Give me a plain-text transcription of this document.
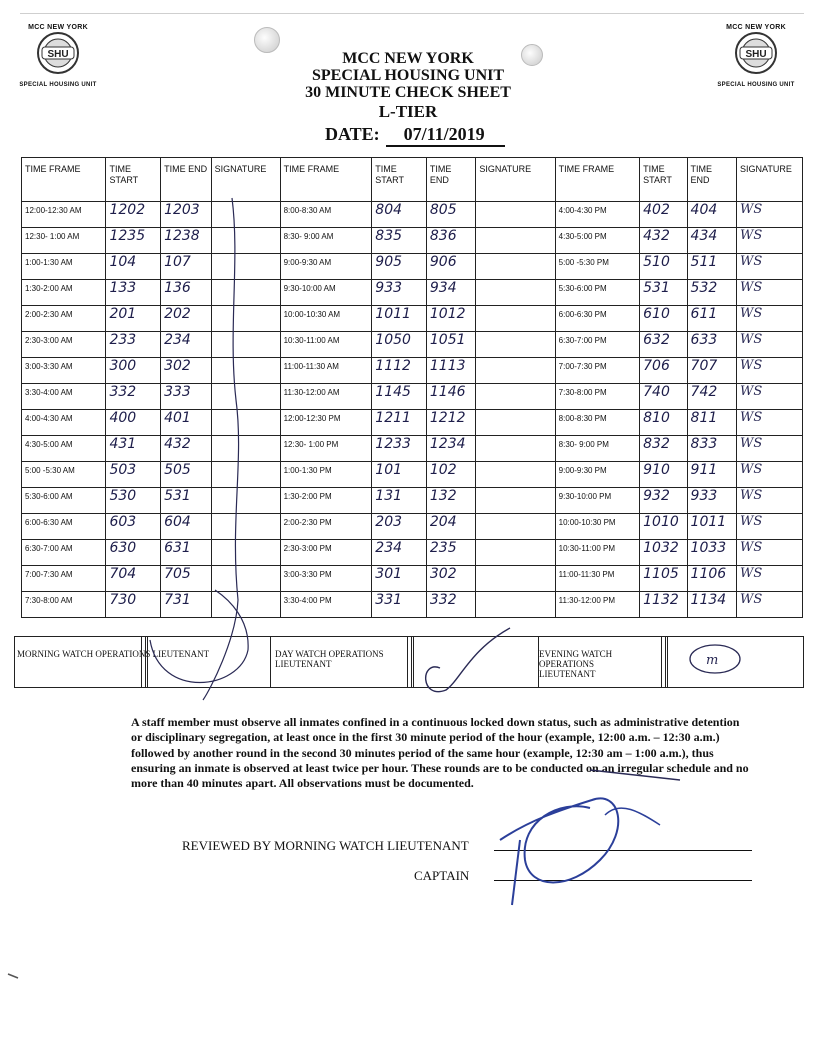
MCC NEW YORK
SHU
SPECIAL HOUSING UNIT
MCC NEW YORK
SHU
SPECIAL HOUSING UNIT
MCC NEW YORK
SPECIAL HOUSING UNIT
30 MINUTE CHECK SHEET
L-TIER
DATE: 07/11/2019
TIME FRAME	TIME START	TIME END	SIGNATURE	TIME FRAME	TIME START	TIME END	SIGNATURE	TIME FRAME	TIME START	TIME END	SIGNATURE
12:00-12:30 AM	1202	1203		8:00-8:30 AM	804	805		4:00-4:30 PM	402	404	WS

12:30- 1:00 AM	1235	1238		8:30- 9:00 AM	835	836		4:30-5:00 PM	432	434	WS

1:00-1:30 AM	104	107		9:00-9:30 AM	905	906		5:00 -5:30 PM	510	511	WS

1:30-2:00 AM	133	136		9:30-10:00 AM	933	934		5:30-6:00 PM	531	532	WS

2:00-2:30 AM	201	202		10:00-10:30 AM	1011	1012		6:00-6:30 PM	610	611	WS

2:30-3:00 AM	233	234		10:30-11:00 AM	1050	1051		6:30-7:00 PM	632	633	WS

3:00-3:30 AM	300	302		11:00-11:30 AM	1112	1113		7:00-7:30 PM	706	707	WS

3:30-4:00 AM	332	333		11:30-12:00 AM	1145	1146		7:30-8:00 PM	740	742	WS

4:00-4:30 AM	400	401		12:00-12:30 PM	1211	1212		8:00-8:30 PM	810	811	WS

4:30-5:00 AM	431	432		12:30- 1:00 PM	1233	1234		8:30- 9:00 PM	832	833	WS

5:00 -5:30 AM	503	505		1:00-1:30 PM	101	102		9:00-9:30 PM	910	911	WS

5:30-6:00 AM	530	531		1:30-2:00 PM	131	132		9:30-10:00 PM	932	933	WS

6:00-6:30 AM	603	604		2:00-2:30 PM	203	204		10:00-10:30 PM	1010	1011	WS

6:30-7:00 AM	630	631		2:30-3:00 PM	234	235		10:30-11:00 PM	1032	1033	WS

7:00-7:30 AM	704	705		3:00-3:30 PM	301	302		11:00-11:30 PM	1105	1106	WS

7:30-8:00 AM	730	731		3:30-4:00 PM	331	332		11:30-12:00 PM	1132	1134	WS
MORNING WATCH OPERATIONS LIEUTENANT	DAY WATCH OPERATIONS LIEUTENANT
EVENING WATCH OPERATIONS LIEUTENANT
A staff member must observe all inmates confined in a continuous locked down status, such as administrative detention or disciplinary segregation, at least once in the first 30 minute period of the hour (example, 12:00 a.m. – 12:30 a.m.) followed by another round in the second 30 minutes period of the same hour (example, 12:30 am – 1:00 a.m.), thus ensuring an inmate is observed at least twice per hour. These rounds are to be conducted on an irregular schedule and no more than 40 minutes apart. All observations must be documented.
REVIEWED BY MORNING WATCH LIEUTENANT
CAPTAIN
m
